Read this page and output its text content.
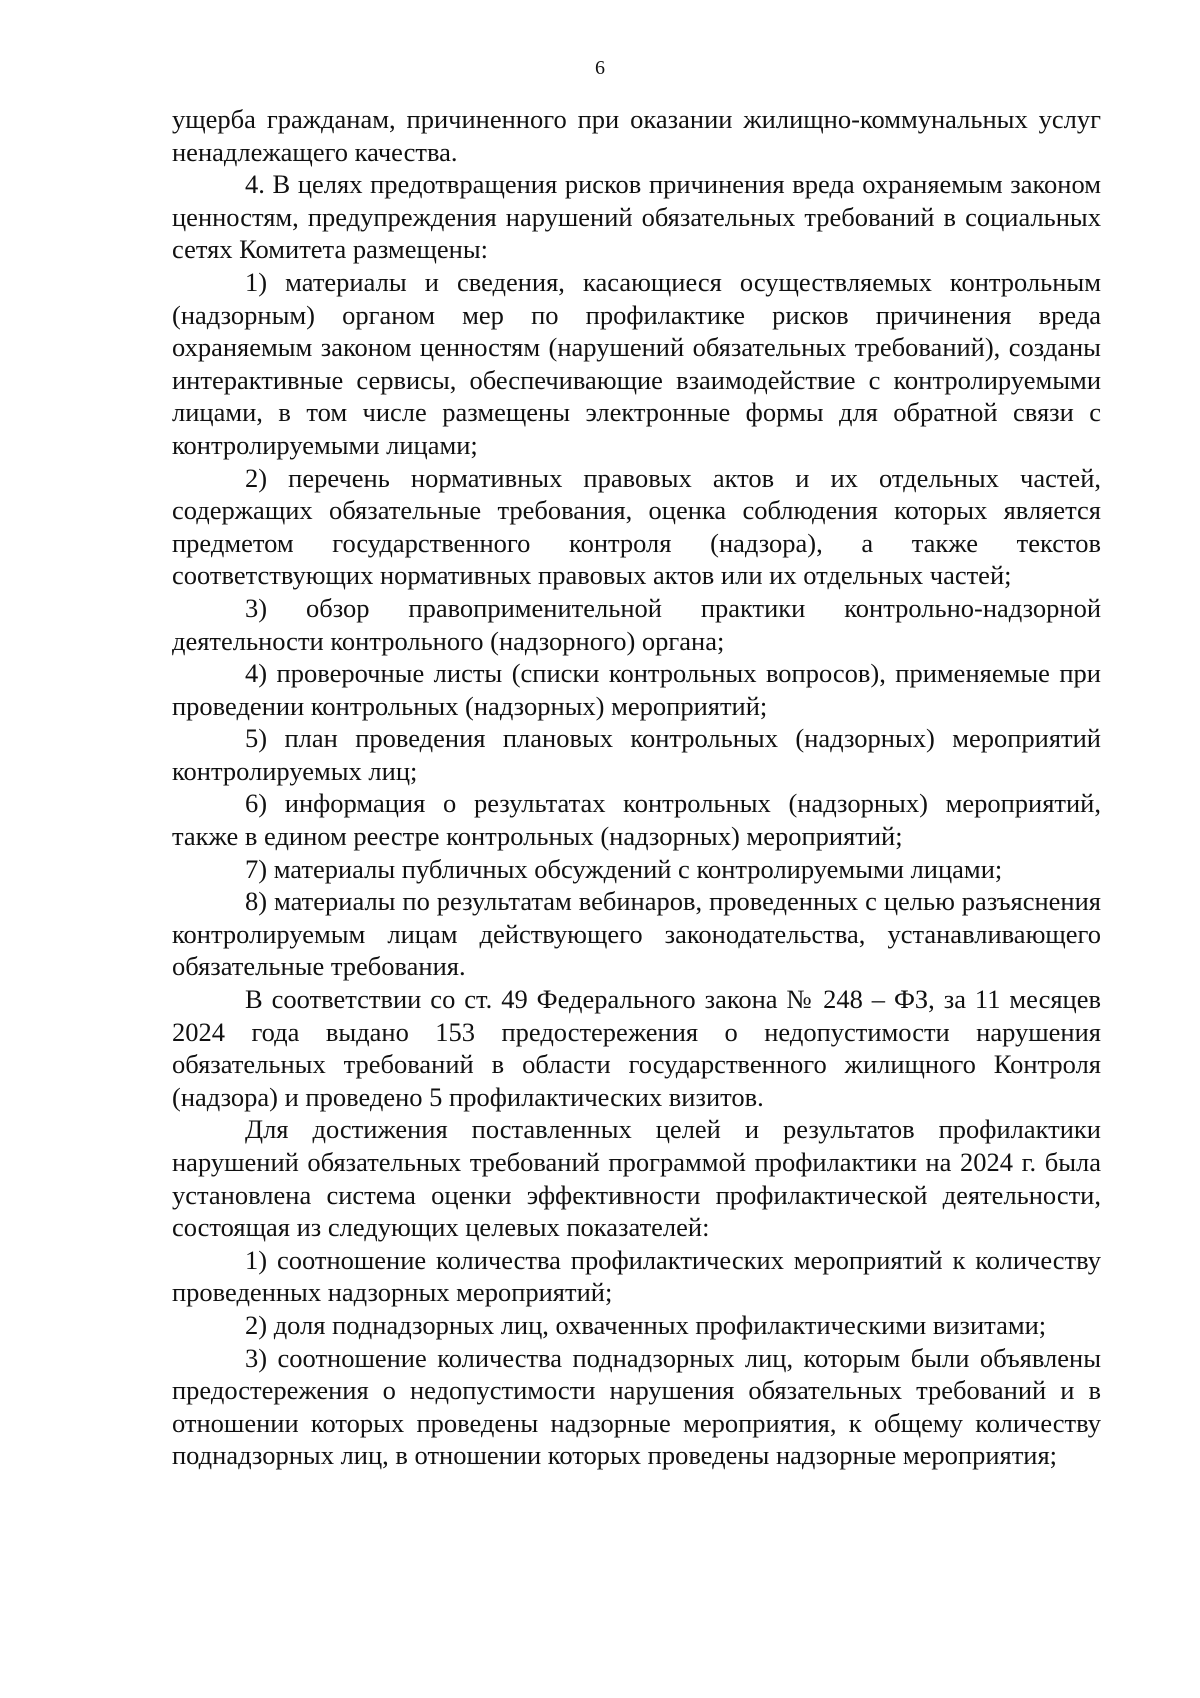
6

ущерба гражданам, причиненного при оказании жилищно-коммунальных услуг ненадлежащего качества.

4. В целях предотвращения рисков причинения вреда охраняемым законом ценностям, предупреждения нарушений обязательных требований в социальных сетях Комитета размещены:

1) материалы и сведения, касающиеся осуществляемых контрольным (надзорным) органом мер по профилактике рисков причинения вреда охраняемым законом ценностям (нарушений обязательных требований), созданы интерактивные сервисы, обеспечивающие взаимодействие с контролируемыми лицами, в том числе размещены электронные формы для обратной связи с контролируемыми лицами;

2) перечень нормативных правовых актов и их отдельных частей, содержащих обязательные требования, оценка соблюдения которых является предметом государственного контроля (надзора), а также текстов соответствующих нормативных правовых актов или их отдельных частей;

3) обзор правоприменительной практики контрольно-надзорной деятельности контрольного (надзорного) органа;

4) проверочные листы (списки контрольных вопросов), применяемые при проведении контрольных (надзорных) мероприятий;

5) план проведения плановых контрольных (надзорных) мероприятий контролируемых лиц;

6) информация о результатах контрольных (надзорных) мероприятий, также в едином реестре контрольных (надзорных) мероприятий;

7) материалы публичных обсуждений с контролируемыми лицами;

8) материалы по результатам вебинаров, проведенных с целью разъяснения контролируемым лицам действующего законодательства, устанавливающего обязательные требования.

В соответствии со ст. 49 Федерального закона № 248 – ФЗ, за 11 месяцев 2024 года выдано 153 предостережения о недопустимости нарушения обязательных требований в области государственного жилищного Контроля (надзора) и проведено 5 профилактических визитов.

Для достижения поставленных целей и результатов профилактики нарушений обязательных требований программой профилактики на 2024 г. была установлена система оценки эффективности профилактической деятельности, состоящая из следующих целевых показателей:

1) соотношение количества профилактических мероприятий к количеству проведенных надзорных мероприятий;

2) доля поднадзорных лиц, охваченных профилактическими визитами;

3) соотношение количества поднадзорных лиц, которым были объявлены предостережения о недопустимости нарушения обязательных требований и в отношении которых проведены надзорные мероприятия, к общему количеству поднадзорных лиц, в отношении которых проведены надзорные мероприятия;
